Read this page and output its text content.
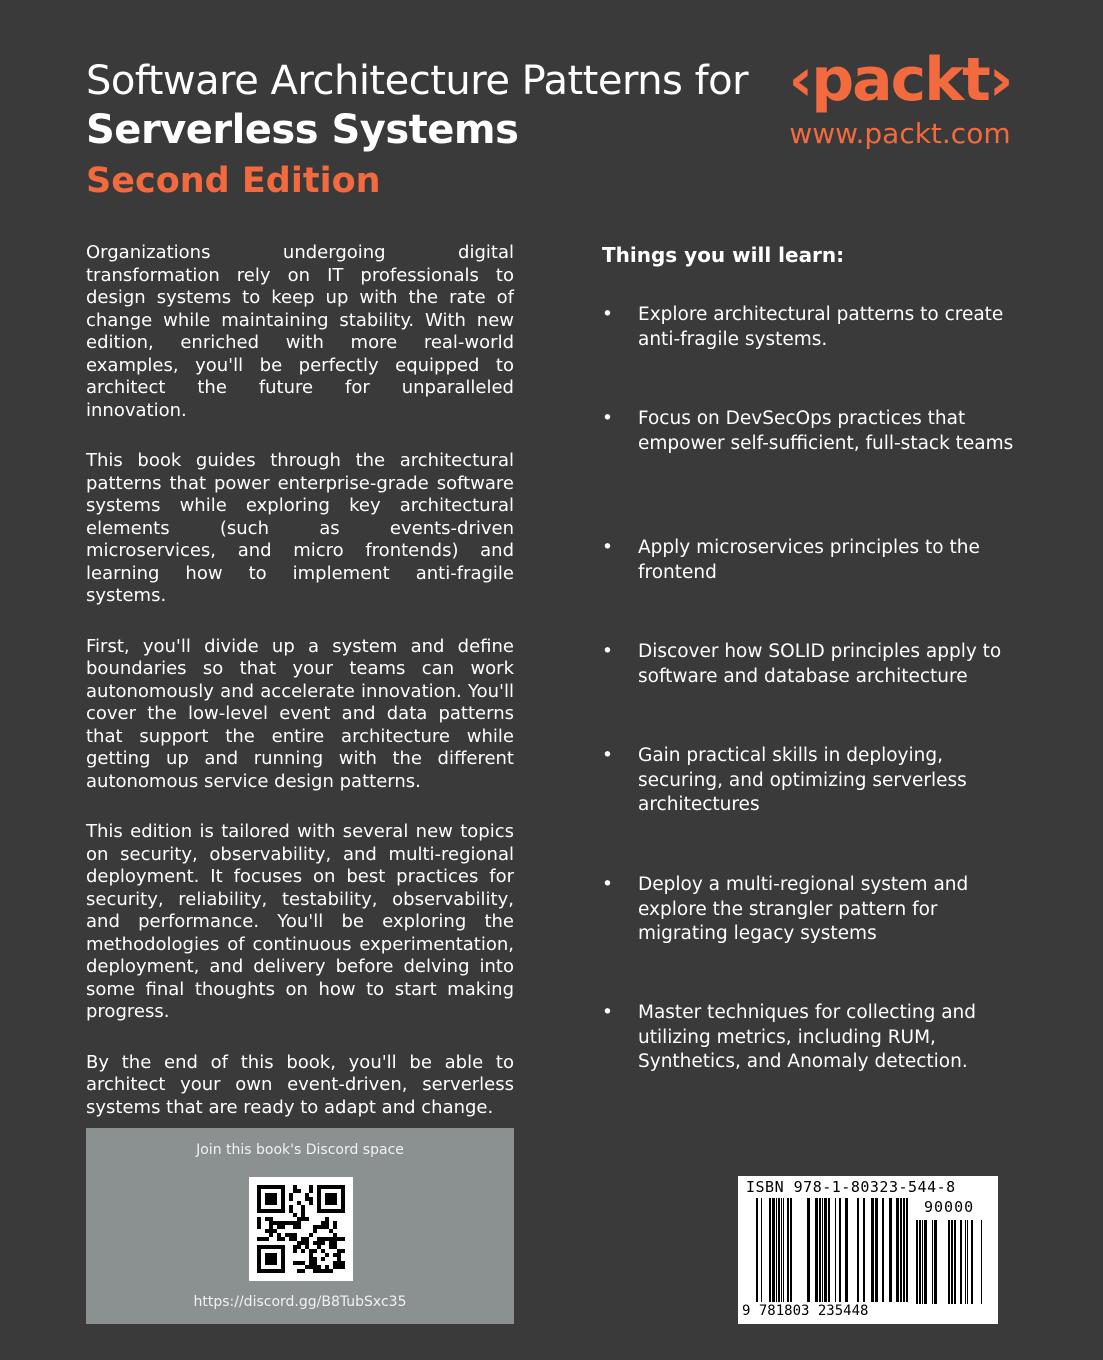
Software Architecture Patterns for
Serverless Systems
Second Edition
‹packt›
www.packt.com

Organizations undergoing digital transformation rely on IT professionals to design systems to keep up with the rate of change while maintaining stability. With new edition, enriched with more real-world examples, you'll be perfectly equipped to architect the future for unparalleled innovation.

This book guides through the architectural patterns that power enterprise-grade software systems while exploring key architectural elements (such as events-driven microservices, and micro frontends) and learning how to implement anti-fragile systems.

First, you'll divide up a system and define boundaries so that your teams can work autonomously and accelerate innovation. You'll cover the low-level event and data patterns that support the entire architecture while getting up and running with the different autonomous service design patterns.

This edition is tailored with several new topics on security, observability, and multi-regional deployment. It focuses on best practices for security, reliability, testability, observability, and performance. You'll be exploring the methodologies of continuous experimentation, deployment, and delivery before delving into some final thoughts on how to start making progress.

By the end of this book, you'll be able to architect your own event-driven, serverless systems that are ready to adapt and change.

Things you will learn:
• Explore architectural patterns to create anti-fragile systems.
• Focus on DevSecOps practices that empower self-sufficient, full-stack teams
• Apply microservices principles to the frontend
• Discover how SOLID principles apply to software and database architecture
• Gain practical skills in deploying, securing, and optimizing serverless architectures
• Deploy a multi-regional system and explore the strangler pattern for migrating legacy systems
• Master techniques for collecting and utilizing metrics, including RUM, Synthetics, and Anomaly detection.
Join this book's Discord space
https://discord.gg/B8TubSxc35
ISBN 978-1-80323-544-8
90000
9 781803 235448
